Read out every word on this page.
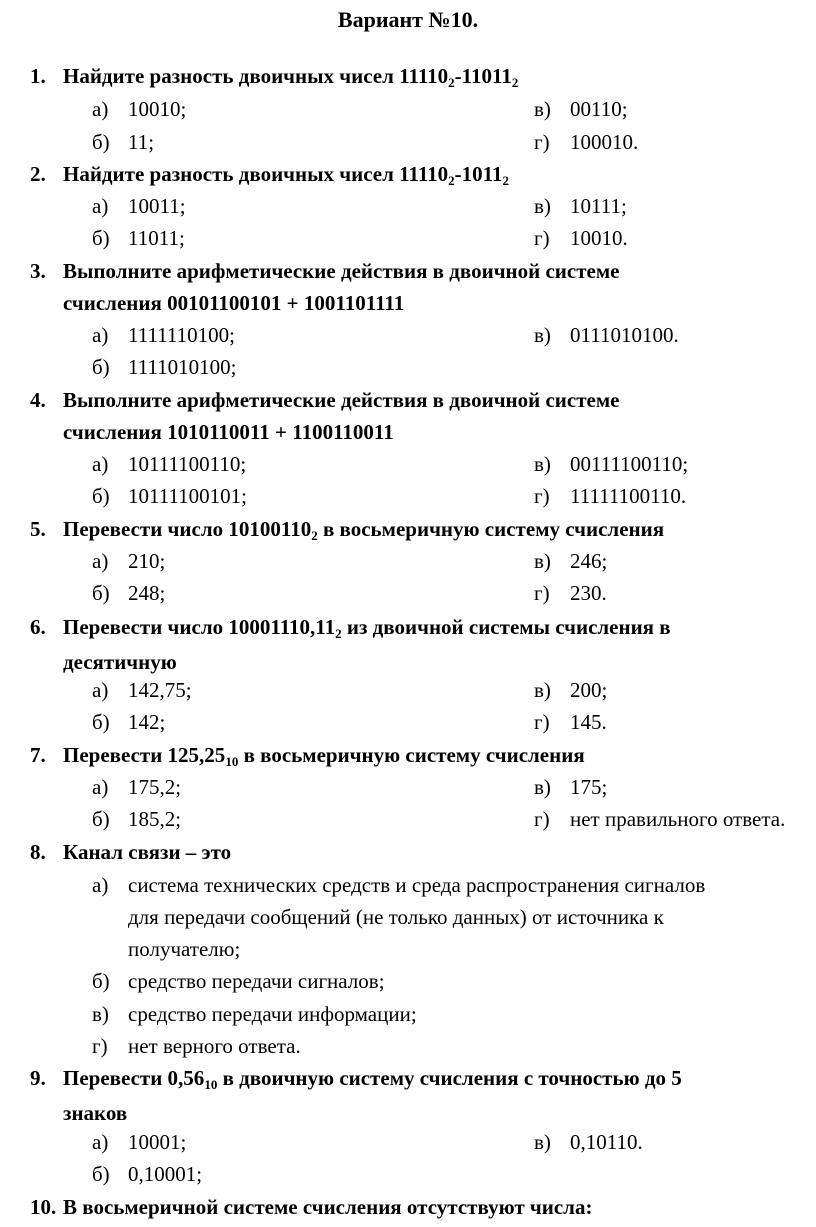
Вариант №10.
1. Найдите разность двоичных чисел 111102-110112
а) 10010;	в) 00110;
б) 11;	г) 100010.
2. Найдите разность двоичных чисел 111102-10112
а) 10011;	в) 10111;
б) 11011;	г) 10010.
3. Выполните арифметические действия в двоичной системе
счисления 00101100101 + 1001101111
а) 1111110100;	в) 0111010100.
б) 1111010100;
4. Выполните арифметические действия в двоичной системе
счисления 1010110011 + 1100110011
а) 10111100110;	в) 00111100110;
б) 10111100101;	г) 11111100110.
5. Перевести число 101001102 в восьмеричную систему счисления
а) 210;	в) 246;
б) 248;	г) 230.
6. Перевести число 10001110,112 из двоичной системы счисления в
десятичную
а) 142,75;	в) 200;
б) 142;	г) 145.
7. Перевести 125,2510 в восьмеричную систему счисления
а) 175,2;	в) 175;
б) 185,2;	г) нет правильного ответа.
8. Канал связи – это
а) система технических средств и среда распространения сигналов
для передачи сообщений (не только данных) от источника к
получателю;
б) средство передачи сигналов;
в) средство передачи информации;
г) нет верного ответа.
9. Перевести 0,5610 в двоичную систему счисления с точностью до 5
знаков
а) 10001;	в) 0,10110.
б) 0,10001;
10. В восьмеричной системе счисления отсутствуют числа:
